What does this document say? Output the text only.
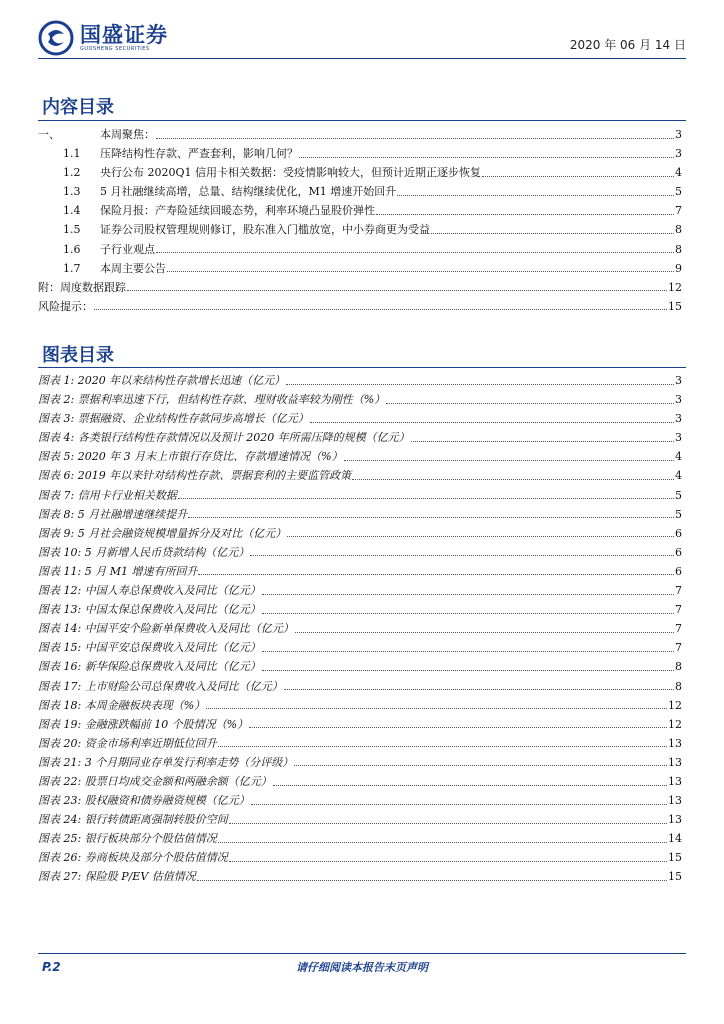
国盛证券
GUOSHENG SECURITIES	2020 年 06 月 14 日
内容目录
一、	本周聚焦：	3
1.1	压降结构性存款、严查套利，影响几何？	3
1.2	央行公布 2020Q1 信用卡相关数据：受疫情影响较大，但预计近期正逐步恢复	4
1.3	5 月社融继续高增，总量、结构继续优化，M1 增速开始回升	5
1.4	保险月报：产寿险延续回暖态势，利率环境凸显股价弹性	7
1.5	证券公司股权管理规则修订，股东准入门槛放宽，中小券商更为受益	8
1.6	子行业观点	8
1.7	本周主要公告	9
附：周度数据跟踪	12
风险提示：	15
图表目录
图表 1: 2020 年以来结构性存款增长迅速（亿元）	3
图表 2: 票据利率迅速下行，但结构性存款、理财收益率较为刚性（%）	3
图表 3: 票据融资、企业结构性存款同步高增长（亿元）	3
图表 4: 各类银行结构性存款情况以及预计 2020 年所需压降的规模（亿元）	3
图表 5: 2020 年 3 月末上市银行存贷比、存款增速情况（%）	4
图表 6: 2019 年以来针对结构性存款、票据套利的主要监管政策	4
图表 7: 信用卡行业相关数据	5
图表 8: 5 月社融增速继续提升	5
图表 9: 5 月社会融资规模增量拆分及对比（亿元）	6
图表 10: 5 月新增人民币贷款结构（亿元）	6
图表 11: 5 月 M1 增速有所回升	6
图表 12: 中国人寿总保费收入及同比（亿元）	7
图表 13: 中国太保总保费收入及同比（亿元）	7
图表 14: 中国平安个险新单保费收入及同比（亿元）	7
图表 15: 中国平安总保费收入及同比（亿元）	7
图表 16: 新华保险总保费收入及同比（亿元）	8
图表 17: 上市财险公司总保费收入及同比（亿元）	8
图表 18: 本周金融板块表现（%）	12
图表 19: 金融涨跌幅前 10 个股情况（%）	12
图表 20: 资金市场利率近期低位回升	13
图表 21: 3 个月期同业存单发行利率走势（分评级）	13
图表 22: 股票日均成交金额和两融余额（亿元）	13
图表 23: 股权融资和债券融资规模（亿元）	13
图表 24: 银行转债距离强制转股价空间	13
图表 25: 银行板块部分个股估值情况	14
图表 26: 券商板块及部分个股估值情况	15
图表 27: 保险股 P/EV 估值情况	15
P.2	请仔细阅读本报告末页声明
